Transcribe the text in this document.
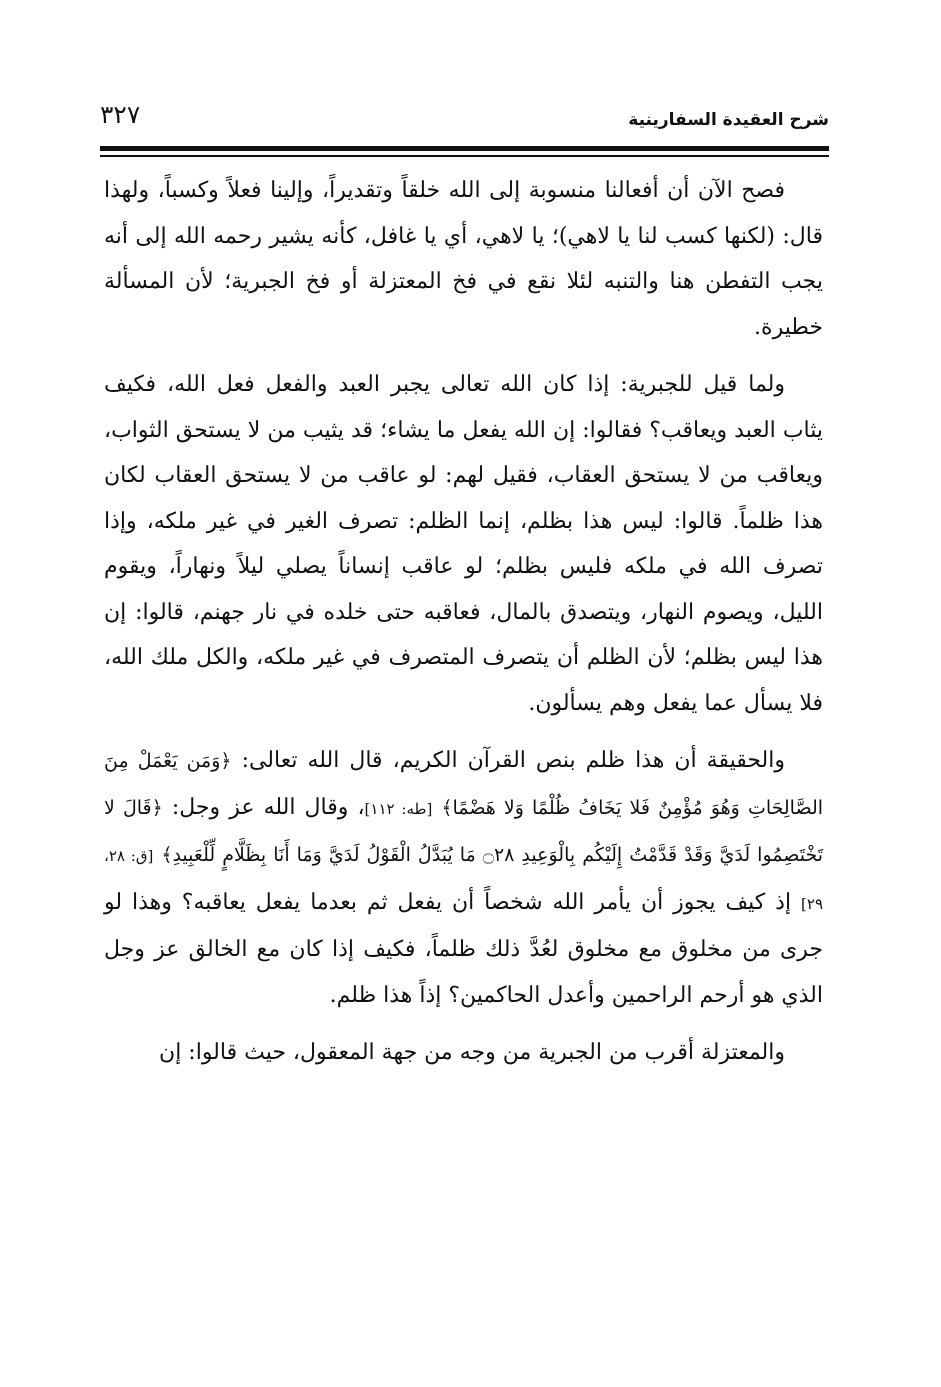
شرح العقيدة السفارينية
٣٢٧

فصح الآن أن أفعالنا منسوبة إلى الله خلقاً وتقديراً، وإلينا فعلاً وكسباً، ولهذا قال: (لكنها كسب لنا يا لاهي)؛ يا لاهي، أي يا غافل، كأنه يشير رحمه الله إلى أنه يجب التفطن هنا والتنبه لئلا نقع في فخ المعتزلة أو فخ الجبرية؛ لأن المسألة خطيرة.

ولما قيل للجبرية: إذا كان الله تعالى يجبر العبد والفعل فعل الله، فكيف يثاب العبد ويعاقب؟ فقالوا: إن الله يفعل ما يشاء؛ قد يثيب من لا يستحق الثواب، ويعاقب من لا يستحق العقاب، فقيل لهم: لو عاقب من لا يستحق العقاب لكان هذا ظلماً. قالوا: ليس هذا بظلم، إنما الظلم: تصرف الغير في غير ملكه، وإذا تصرف الله في ملكه فليس بظلم؛ لو عاقب إنساناً يصلي ليلاً ونهاراً، ويقوم الليل، ويصوم النهار، ويتصدق بالمال، فعاقبه حتى خلده في نار جهنم، قالوا: إن هذا ليس بظلم؛ لأن الظلم أن يتصرف المتصرف في غير ملكه، والكل ملك الله، فلا يسأل عما يفعل وهم يسألون.

والحقيقة أن هذا ظلم بنص القرآن الكريم، قال الله تعالى: ﴿وَمَن يَعْمَلْ مِنَ الصَّالِحَاتِ وَهُوَ مُؤْمِنٌ فَلا يَخَافُ ظُلْمًا وَلا هَضْمًا﴾ [طه: ١١٢]، وقال الله عز وجل: ﴿قَالَ لا تَخْتَصِمُوا لَدَيَّ وَقَدْ قَدَّمْتُ إِلَيْكُم بِالْوَعِيدِ ۝٢٨ مَا يُبَدَّلُ الْقَوْلُ لَدَيَّ وَمَا أَنَا بِظَلَّامٍ لِّلْعَبِيدِ﴾ [ق: ٢٨، ٢٩] إذ كيف يجوز أن يأمر الله شخصاً أن يفعل ثم بعدما يفعل يعاقبه؟ وهذا لو جرى من مخلوق مع مخلوق لعُدَّ ذلك ظلماً، فكيف إذا كان مع الخالق عز وجل الذي هو أرحم الراحمين وأعدل الحاكمين؟ إذاً هذا ظلم.

والمعتزلة أقرب من الجبرية من وجه من جهة المعقول، حيث قالوا: إن
